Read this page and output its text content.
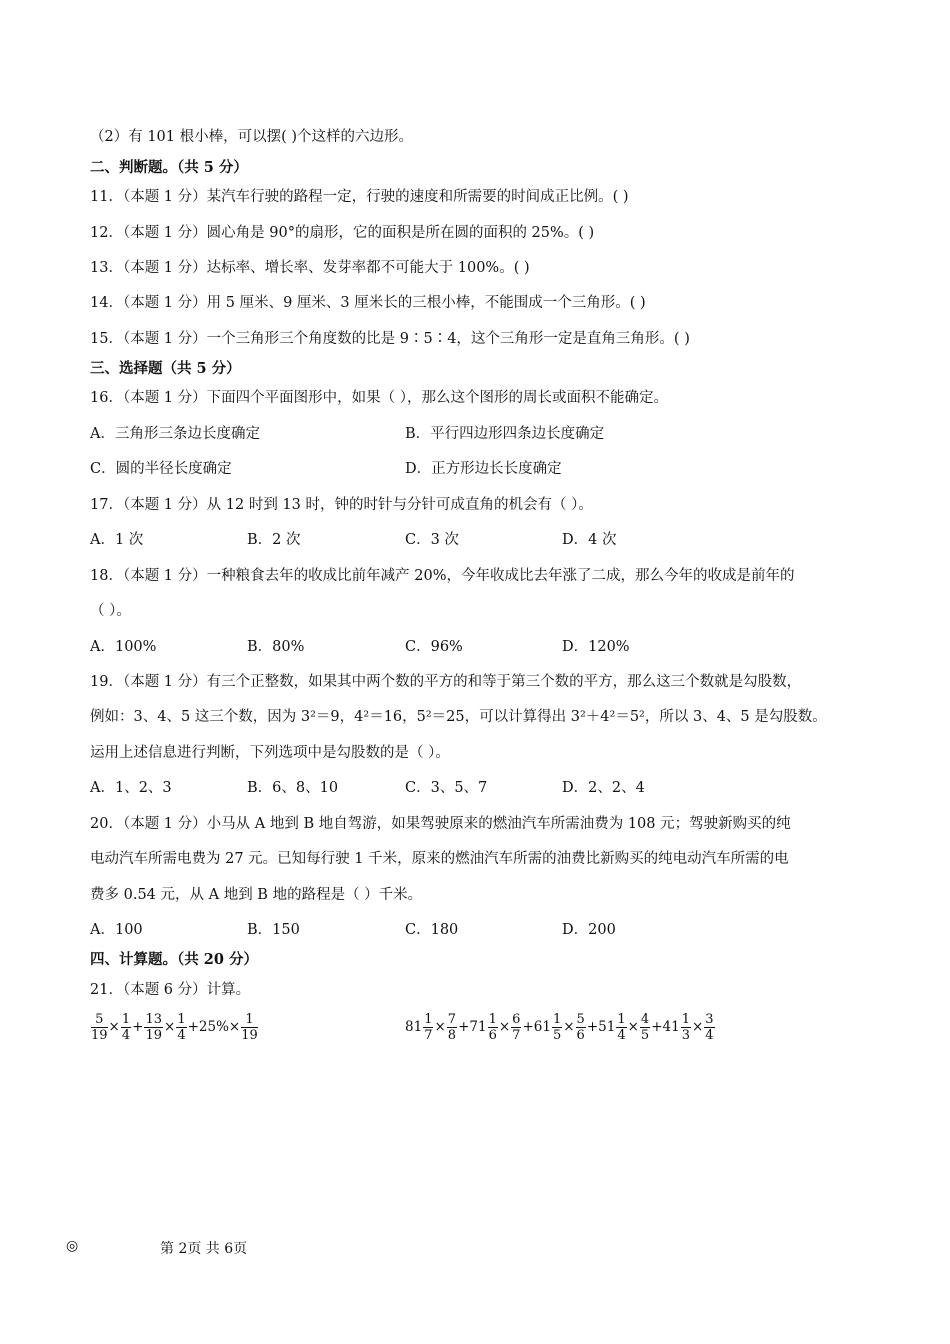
（2）有 101 根小棒，可以摆( )个这样的六边形。
二、判断题。（共 5 分）
11．（本题 1 分）某汽车行驶的路程一定，行驶的速度和所需要的时间成正比例。( )
12．（本题 1 分）圆心角是 90°的扇形，它的面积是所在圆的面积的 25%。( )
13．（本题 1 分）达标率、增长率、发芽率都不可能大于 100%。( )
14．（本题 1 分）用 5 厘米、9 厘米、3 厘米长的三根小棒，不能围成一个三角形。( )
15．（本题 1 分）一个三角形三个角度数的比是 9∶5∶4，这个三角形一定是直角三角形。( )
三、选择题（共 5 分）
16．（本题 1 分）下面四个平面图形中，如果（ ），那么这个图形的周长或面积不能确定。
A．三角形三条边长度确定	B．平行四边形四条边长度确定
C．圆的半径长度确定	D．正方形边长长度确定
17．（本题 1 分）从 12 时到 13 时，钟的时针与分针可成直角的机会有（ ）。
A．1 次	B．2 次	C．3 次	D．4 次
18．（本题 1 分）一种粮食去年的收成比前年减产 20%，今年收成比去年涨了二成，那么今年的收成是前年的
（ ）。
A．100%	B．80%	C．96%	D．120%
19．（本题 1 分）有三个正整数，如果其中两个数的平方的和等于第三个数的平方，那么这三个数就是勾股数，
例如：3、4、5 这三个数，因为 3²＝9，4²＝16，5²＝25，可以计算得出 3²＋4²＝5²，所以 3、4、5 是勾股数。
运用上述信息进行判断，下列选项中是勾股数的是（ ）。
A．1、2、3	B．6、8、10	C．3、5、7	D．2、2、4
20．（本题 1 分）小马从 A 地到 B 地自驾游，如果驾驶原来的燃油汽车所需油费为 108 元；驾驶新购买的纯
电动汽车所需电费为 27 元。已知每行驶 1 千米，原来的燃油汽车所需的油费比新购买的纯电动汽车所需的电
费多 0.54 元，从 A 地到 B 地的路程是（ ）千米。
A．100	B．150	C．180	D．200
四、计算题。（共 20 分）
21．（本题 6 分）计算。
$\frac{5}{19} \times \frac{1}{4} + \frac{13}{19} \times \frac{1}{4} +25\%\times \frac{1}{19}$	$81 \frac{1}{7} \times \frac{7}{8} +71 \frac{1}{6} \times \frac{6}{7} +61 \frac{1}{5} \times \frac{5}{6} +51 \frac{1}{4} \times \frac{4}{5} +41 \frac{1}{3} \times \frac{3}{4}$
◎	第 2页 共 6页
